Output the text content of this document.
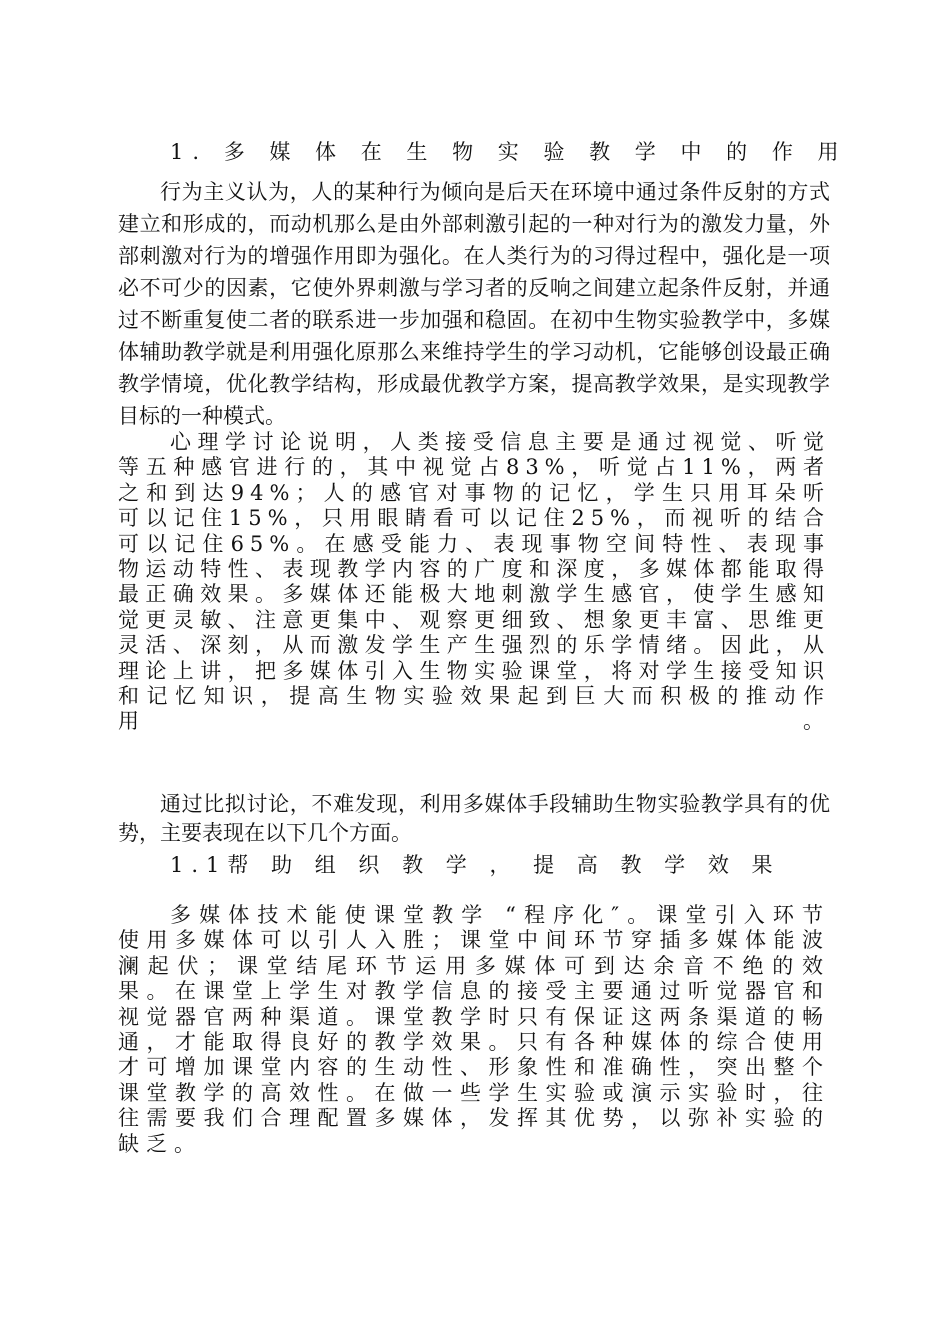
1. 多 媒 体 在 生 物 实 验 教 学 中 的 作 用

行为主义认为，人的某种行为倾向是后天在环境中通过条件反射的方式建立和形成的，而动机那么是由外部刺激引起的一种对行为的激发力量，外部刺激对行为的增强作用即为强化。在人类行为的习得过程中，强化是一项必不可少的因素，它使外界刺激与学习者的反响之间建立起条件反射，并通过不断重复使二者的联系进一步加强和稳固。在初中生物实验教学中，多媒体辅助教学就是利用强化原那么来维持学生的学习动机，它能够创设最正确教学情境，优化教学结构，形成最优教学方案，提高教学效果，是实现教学目标的一种模式。

心理学讨论说明，人类接受信息主要是通过视觉、听觉等五种感官进行的，其中视觉占83%，听觉占11%，两者之和到达94%；人的感官对事物的记忆，学生只用耳朵听可以记住15%，只用眼睛看可以记住25%，而视听的结合可以记住65%。在感受能力、表现事物空间特性、表现事物运动特性、表现教学内容的广度和深度，多媒体都能取得最正确效果。多媒体还能极大地刺激学生感官，使学生感知觉更灵敏、注意更集中、观察更细致、想象更丰富、思维更灵活、深刻，从而激发学生产生强烈的乐学情绪。因此，从理论上讲，把多媒体引入生物实验课堂，将对学生接受知识和记忆知识，提高生物实验效果起到巨大而积极的推动作用。

通过比拟讨论，不难发现，利用多媒体手段辅助生物实验教学具有的优势，主要表现在以下几个方面。

1.1帮 助 组 织 教 学 ， 提 高 教 学 效 果

多媒体技术能使课堂教学 “程序化″。课堂引入环节使用多媒体可以引人入胜；课堂中间环节穿插多媒体能波澜起伏；课堂结尾环节运用多媒体可到达余音不绝的效果。在课堂上学生对教学信息的接受主要通过听觉器官和视觉器官两种渠道。课堂教学时只有保证这两条渠道的畅通，才能取得良好的教学效果。只有各种媒体的综合使用才可增加课堂内容的生动性、形象性和准确性，突出整个课堂教学的高效性。在做一些学生实验或演示实验时，往往需要我们合理配置多媒体，发挥其优势，以弥补实验的缺乏。
